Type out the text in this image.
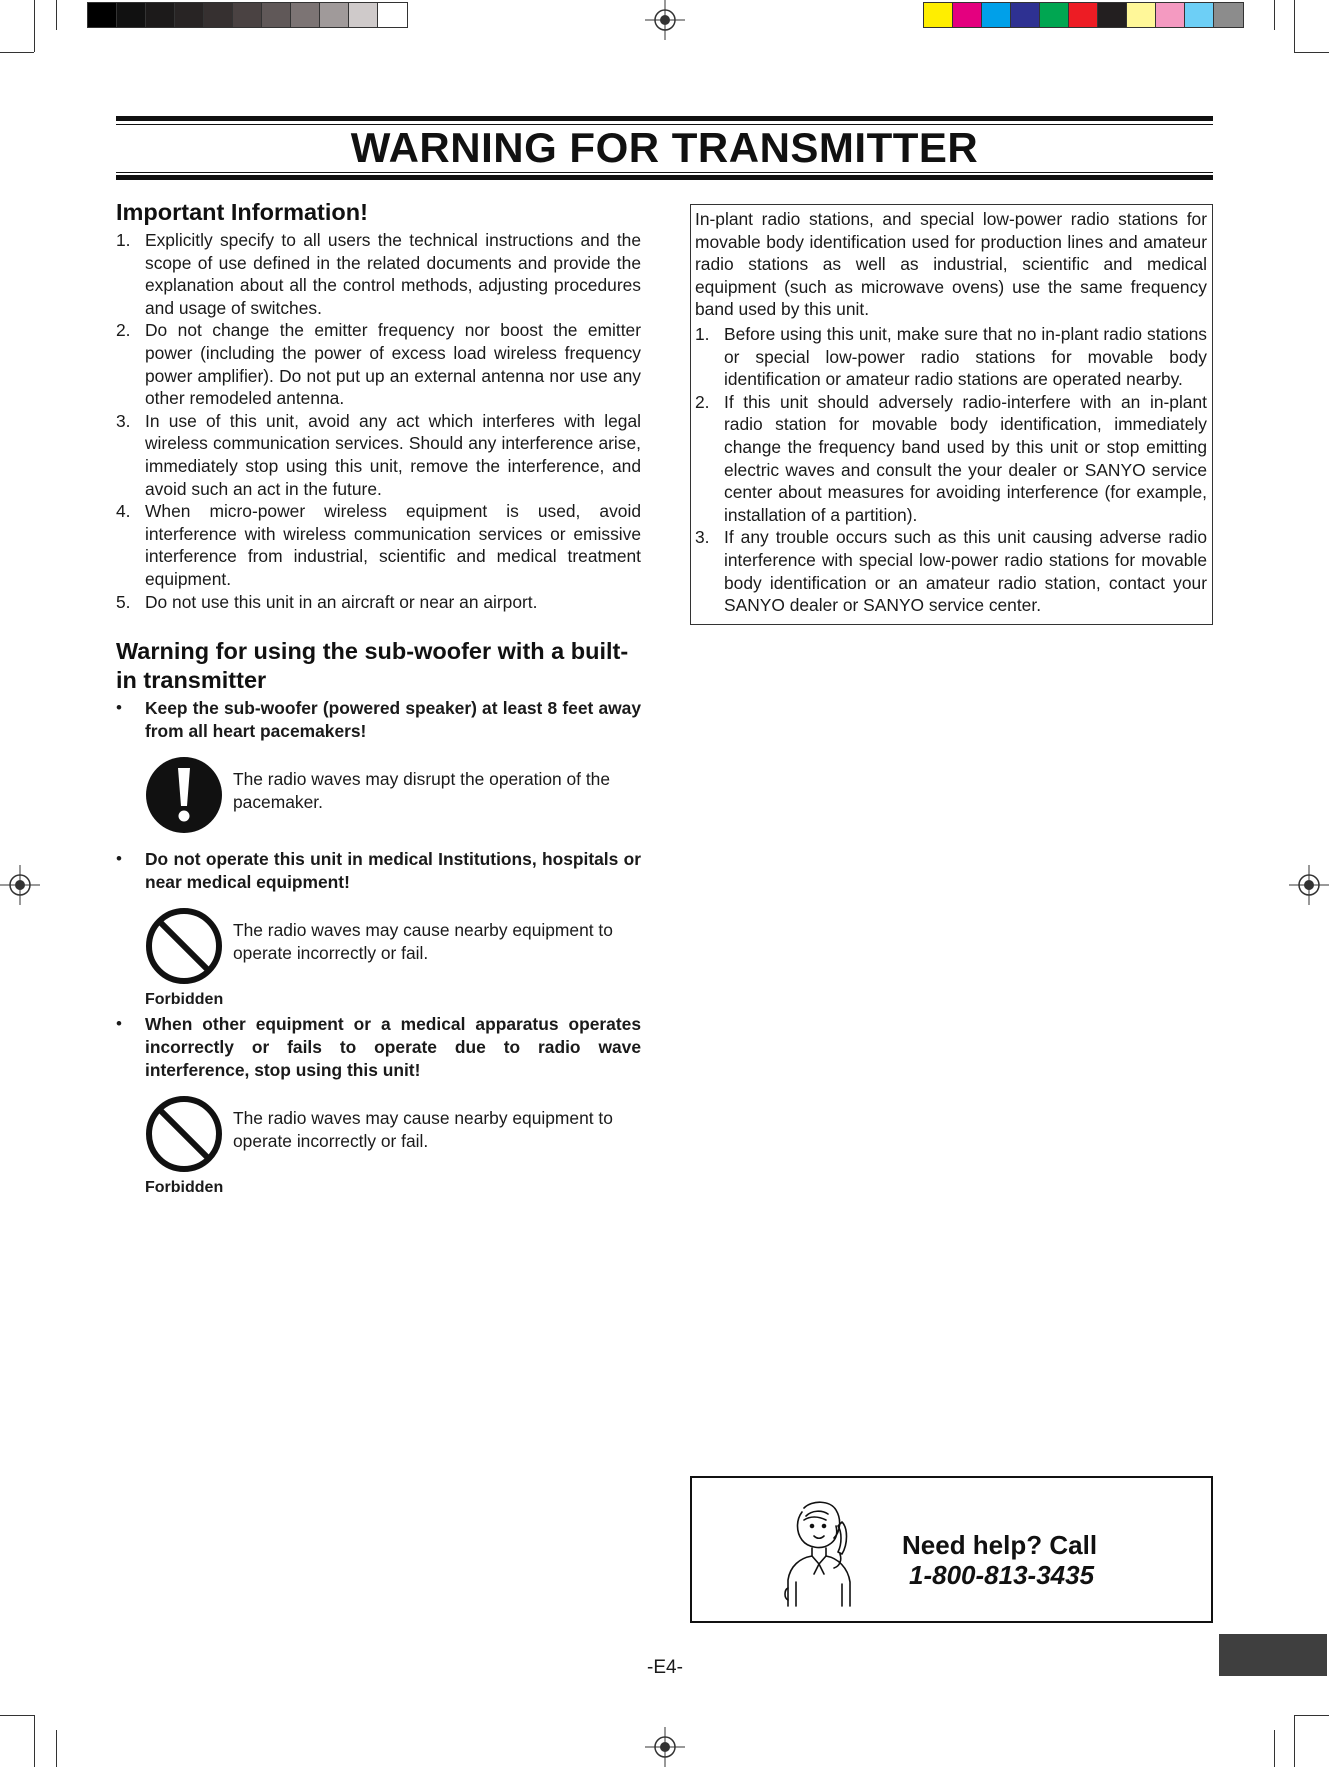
WARNING FOR TRANSMITTER
Important Information!
1. Explicitly specify to all users the technical instructions and the scope of use defined in the related documents and provide the explanation about all the control methods, adjusting procedures and usage of switches.
2. Do not change the emitter frequency nor boost the emitter power (including the power of excess load wireless frequency power amplifier). Do not put up an external antenna nor use any other remodeled antenna.
3. In use of this unit, avoid any act which interferes with legal wireless communication services. Should any interference arise, immediately stop using this unit, remove the interference, and avoid such an act in the future.
4. When micro-power wireless equipment is used, avoid interference with wireless communication services or emissive interference from industrial, scientific and medical treatment equipment.
5. Do not use this unit in an aircraft or near an airport.
Warning for using the sub-woofer with a built-in transmitter
•	Keep the sub-woofer (powered speaker) at least 8 feet away from all heart pacemakers!
The radio waves may disrupt the operation of the pacemaker.
•	Do not operate this unit in medical Institutions, hospitals or near medical equipment!
Forbidden
The radio waves may cause nearby equipment to operate incorrectly or fail.
•	When other equipment or a medical apparatus operates incorrectly or fails to operate due to radio wave interference, stop using this unit!
Forbidden
The radio waves may cause nearby equipment to operate incorrectly or fail.

In-plant radio stations, and special low-power radio stations for movable body identification used for production lines and amateur radio stations as well as industrial, scientific and medical equipment (such as microwave ovens) use the same frequency band used by this unit.

1. Before using this unit, make sure that no in-plant radio stations or special low-power radio stations for movable body identification or amateur radio stations are operated nearby.
2. If this unit should adversely radio-interfere with an in-plant radio station for movable body identification, immediately change the frequency band used by this unit or stop emitting electric waves and consult the your dealer or SANYO service center about measures for avoiding interference (for example, installation of a partition).
3. If any trouble occurs such as this unit causing adverse radio interference with special low-power radio stations for movable body identification or an amateur radio station, contact your SANYO dealer or SANYO service center.
Need help? Call
1-800-813-3435
-E4-
